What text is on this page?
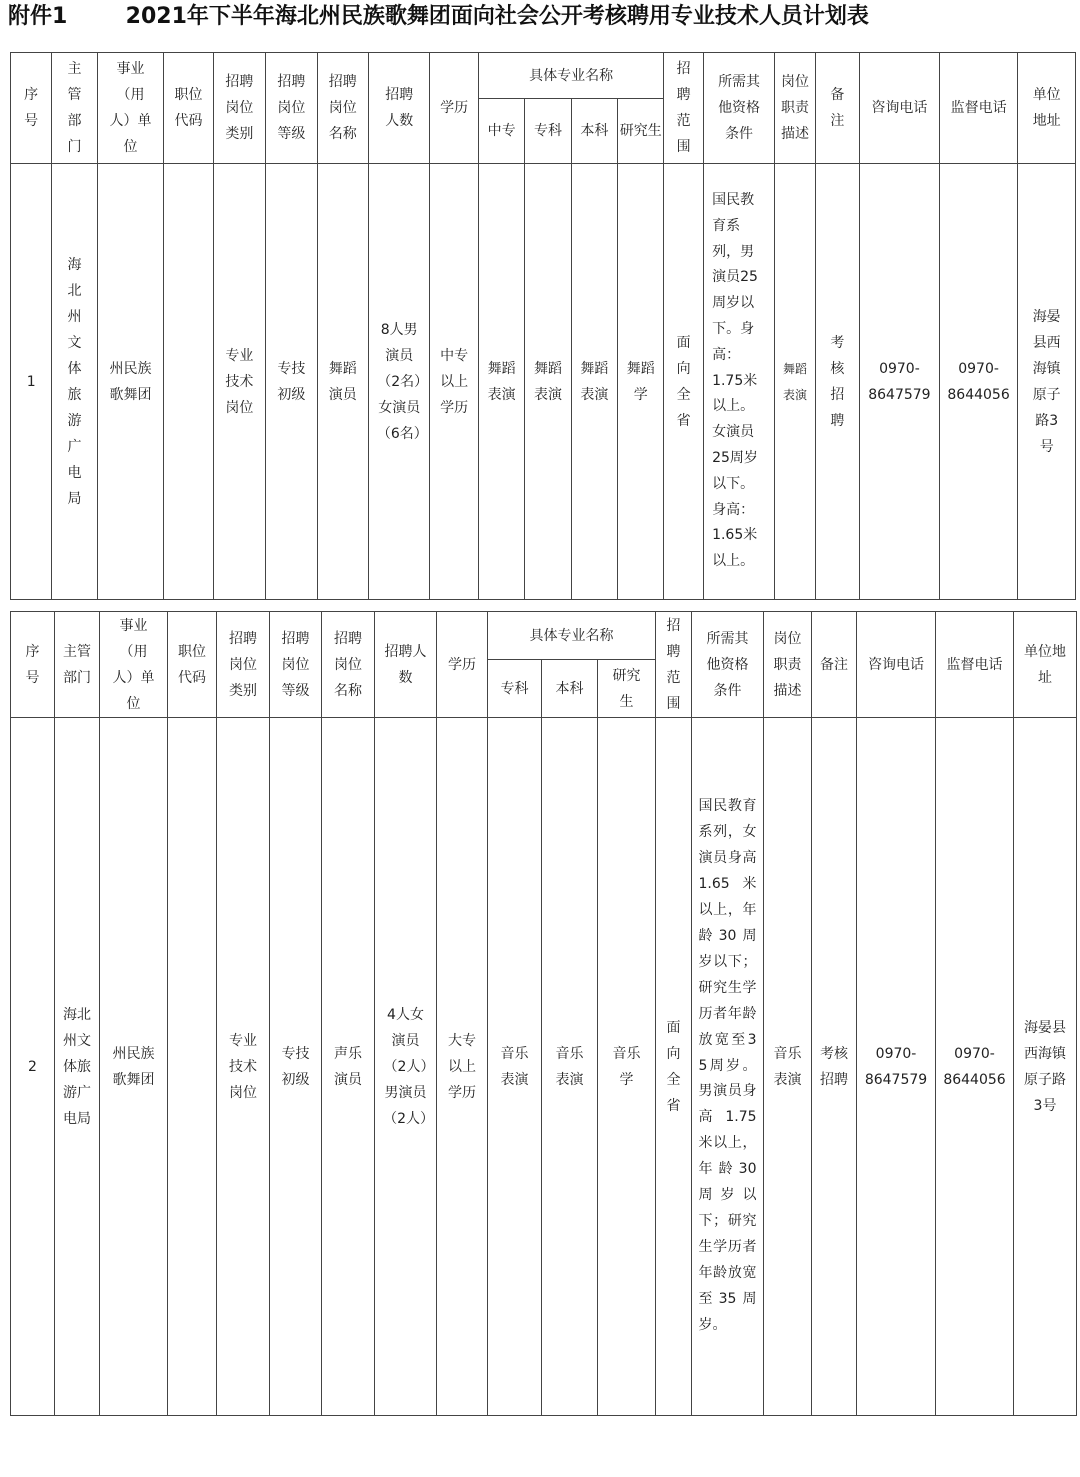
附件1	2021年下半年海北州民族歌舞团面向社会公开考核聘用专业技术人员计划表
序号	主管部门	事业（用人）单位	职位代码	招聘岗位类别	招聘岗位等级	招聘岗位名称	招聘人数	学历	具体专业名称				招聘范围	所需其他资格条件	岗位职责描述	备注	咨询电话	监督电话	单位地址

									中专	专科	本科	研究生							

1	海北州文体旅游广电局	州民族歌舞团		专业技术岗位	专技初级	舞蹈演员	8人男演员（2名）女演员（6名）	中专以上学历	舞蹈表演	舞蹈表演	舞蹈表演	舞蹈学	面向全省	国民教育系列，男演员25周岁以下。身高：1.75米以上。女演员25周岁以下。身高：1.65米以上。	舞蹈表演	考核招聘	0970-8647579	0970-8644056	海晏县西海镇原子路3号
序号	主管部门	事业（用人）单位	职位代码	招聘岗位类别	招聘岗位等级	招聘岗位名称	招聘人数	学历	具体专业名称			招聘范围	所需其他资格条件	岗位职责描述	备注	咨询电话	监督电话	单位地址

									专科	本科	研究生							

2	海北州文体旅游广电局	州民族歌舞团		专业技术岗位	专技初级	声乐演员	4人女演员（2人）男演员（2人）	大专以上学历	音乐表演	音乐表演	音乐学	面向全省	国民教育系列，女演员身高1.65米以上，年龄30周岁以下；研究生学历者年龄放宽至35周岁。男演员身高1.75米以上，年龄30周岁以下；研究生学历者年龄放宽至35周岁。	音乐表演	考核招聘	0970-8647579	0970-8644056	海晏县西海镇原子路3号
